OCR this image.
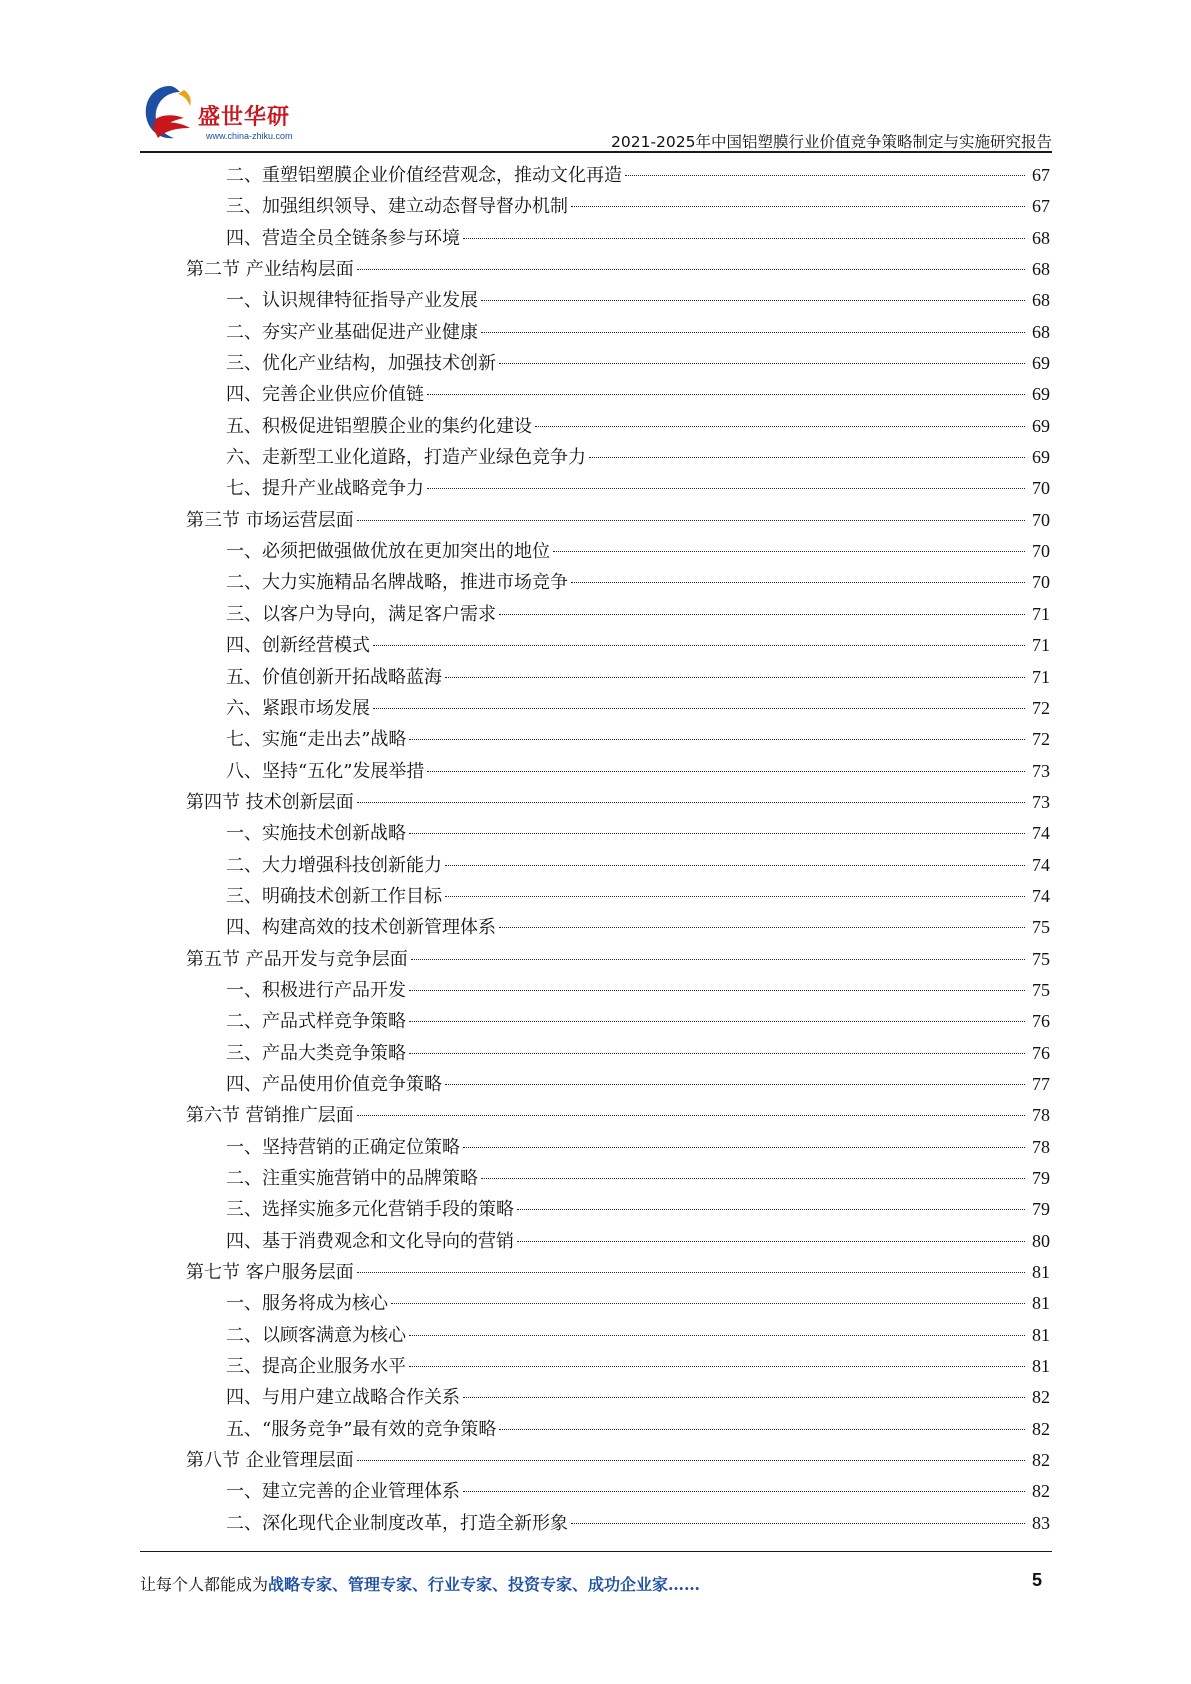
盛世华研
www.china-zhiku.com	2021-2025年中国铝塑膜行业价值竞争策略制定与实施研究报告
二、重塑铝塑膜企业价值经营观念，推动文化再造	67
三、加强组织领导、建立动态督导督办机制	67
四、营造全员全链条参与环境	68
第二节 产业结构层面	68
一、认识规律特征指导产业发展	68
二、夯实产业基础促进产业健康	68
三、优化产业结构，加强技术创新	69
四、完善企业供应价值链	69
五、积极促进铝塑膜企业的集约化建设	69
六、走新型工业化道路，打造产业绿色竞争力	69
七、提升产业战略竞争力	70
第三节 市场运营层面	70
一、必须把做强做优放在更加突出的地位	70
二、大力实施精品名牌战略，推进市场竞争	70
三、以客户为导向，满足客户需求	71
四、创新经营模式	71
五、价值创新开拓战略蓝海	71
六、紧跟市场发展	72
七、实施“走出去”战略	72
八、坚持“五化”发展举措	73
第四节 技术创新层面	73
一、实施技术创新战略	74
二、大力增强科技创新能力	74
三、明确技术创新工作目标	74
四、构建高效的技术创新管理体系	75
第五节 产品开发与竞争层面	75
一、积极进行产品开发	75
二、产品式样竞争策略	76
三、产品大类竞争策略	76
四、产品使用价值竞争策略	77
第六节 营销推广层面	78
一、坚持营销的正确定位策略	78
二、注重实施营销中的品牌策略	79
三、选择实施多元化营销手段的策略	79
四、基于消费观念和文化导向的营销	80
第七节 客户服务层面	81
一、服务将成为核心	81
二、以顾客满意为核心	81
三、提高企业服务水平	81
四、与用户建立战略合作关系	82
五、“服务竞争”最有效的竞争策略	82
第八节 企业管理层面	82
一、建立完善的企业管理体系	82
二、深化现代企业制度改革，打造全新形象	83
让每个人都能成为战略专家、管理专家、行业专家、投资专家、成功企业家……	5
